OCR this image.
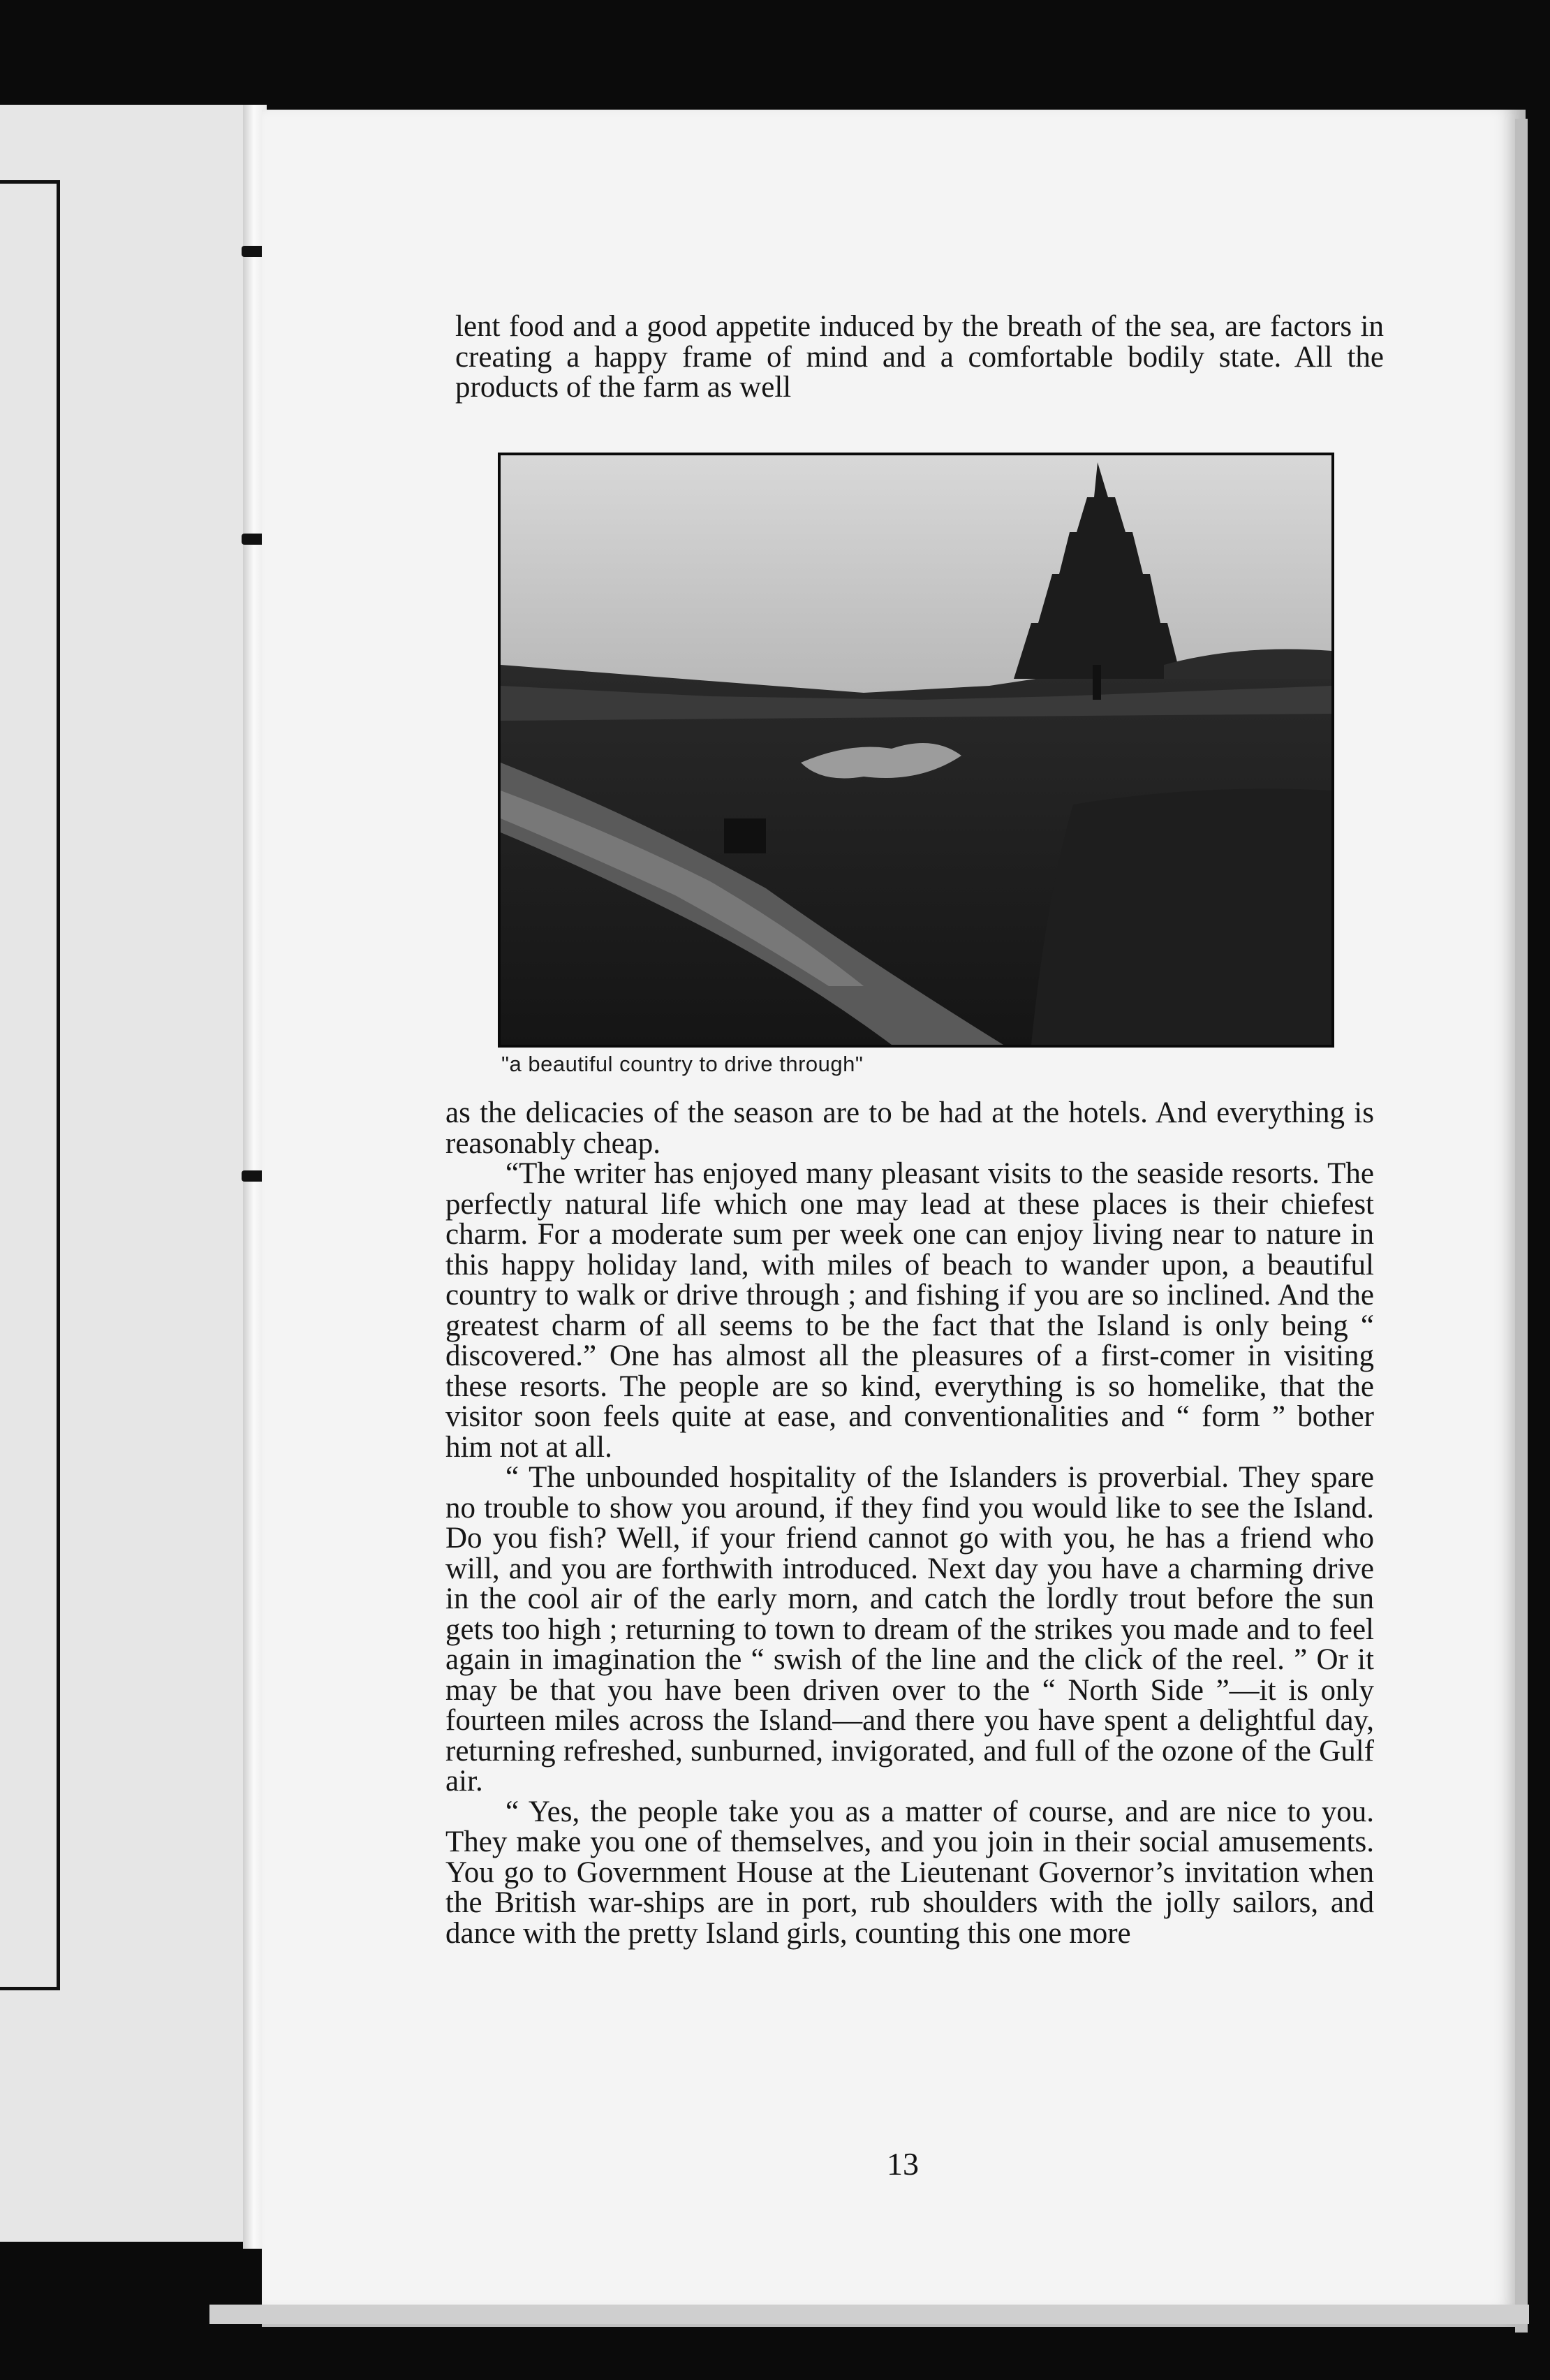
lent food and a good appetite induced by the breath of the sea, are factors in creating a happy frame of mind and a comfortable bodily state. All the products of the farm as well

"a beautiful country to drive through"

as the delicacies of the season are to be had at the hotels. And everything is reasonably cheap.

“The writer has enjoyed many pleasant visits to the seaside resorts. The perfectly natural life which one may lead at these places is their chiefest charm. For a moderate sum per week one can enjoy living near to nature in this happy holiday land, with miles of beach to wander upon, a beautiful country to walk or drive through ; and fishing if you are so inclined. And the greatest charm of all seems to be the fact that the Island is only being “ discovered.” One has almost all the pleasures of a first-comer in visiting these resorts. The people are so kind, everything is so homelike, that the visitor soon feels quite at ease, and conventionalities and “ form ” bother him not at all.

“ The unbounded hospitality of the Islanders is proverbial. They spare no trouble to show you around, if they find you would like to see the Island. Do you fish? Well, if your friend cannot go with you, he has a friend who will, and you are forthwith introduced. Next day you have a charming drive in the cool air of the early morn, and catch the lordly trout before the sun gets too high ; returning to town to dream of the strikes you made and to feel again in imagination the “ swish of the line and the click of the reel. ” Or it may be that you have been driven over to the “ North Side ”—it is only fourteen miles across the Island—and there you have spent a delightful day, returning refreshed, sunburned, invigorated, and full of the ozone of the Gulf air.

“ Yes, the people take you as a matter of course, and are nice to you. They make you one of themselves, and you join in their social amusements. You go to Government House at the Lieutenant Governor’s invitation when the British war-ships are in port, rub shoulders with the jolly sailors, and dance with the pretty Island girls, counting this one more

13
